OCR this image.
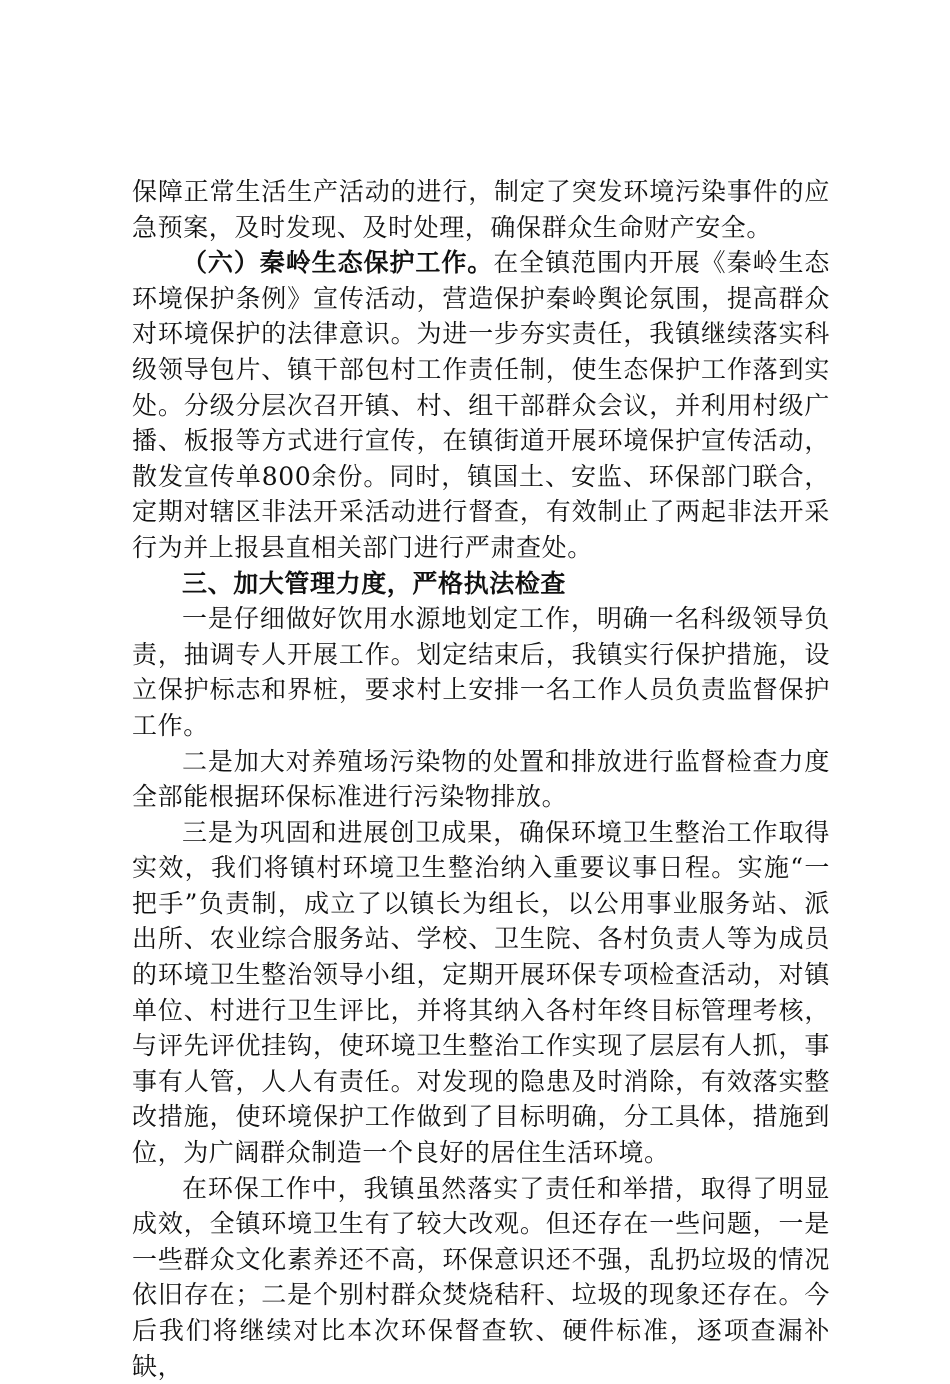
保障正常生活生产活动的进行，制定了突发环境污染事件的应急预案，及时发现、及时处理，确保群众生命财产安全。

（六）秦岭生态保护工作。在全镇范围内开展《秦岭生态环境保护条例》宣传活动，营造保护秦岭舆论氛围，提高群众对环境保护的法律意识。为进一步夯实责任，我镇继续落实科级领导包片、镇干部包村工作责任制，使生态保护工作落到实处。分级分层次召开镇、村、组干部群众会议，并利用村级广播、板报等方式进行宣传，在镇街道开展环境保护宣传活动，散发宣传单800余份。同时，镇国土、安监、环保部门联合，定期对辖区非法开采活动进行督查，有效制止了两起非法开采行为并上报县直相关部门进行严肃查处。

三、加大管理力度，严格执法检查

一是仔细做好饮用水源地划定工作，明确一名科级领导负责，抽调专人开展工作。划定结束后，我镇实行保护措施，设立保护标志和界桩，要求村上安排一名工作人员负责监督保护工作。

二是加大对养殖场污染物的处置和排放进行监督检查力度全部能根据环保标准进行污染物排放。

三是为巩固和进展创卫成果，确保环境卫生整治工作取得实效，我们将镇村环境卫生整治纳入重要议事日程。实施“一把手”负责制，成立了以镇长为组长，以公用事业服务站、派出所、农业综合服务站、学校、卫生院、各村负责人等为成员的环境卫生整治领导小组，定期开展环保专项检查活动，对镇单位、村进行卫生评比，并将其纳入各村年终目标管理考核，与评先评优挂钩，使环境卫生整治工作实现了层层有人抓，事事有人管，人人有责任。对发现的隐患及时消除，有效落实整改措施，使环境保护工作做到了目标明确，分工具体，措施到位，为广阔群众制造一个良好的居住生活环境。

在环保工作中，我镇虽然落实了责任和举措，取得了明显成效，全镇环境卫生有了较大改观。但还存在一些问题，一是一些群众文化素养还不高，环保意识还不强，乱扔垃圾的情况依旧存在；二是个别村群众焚烧秸秆、垃圾的现象还存在。今后我们将继续对比本次环保督查软、硬件标准，逐项查漏补缺，
